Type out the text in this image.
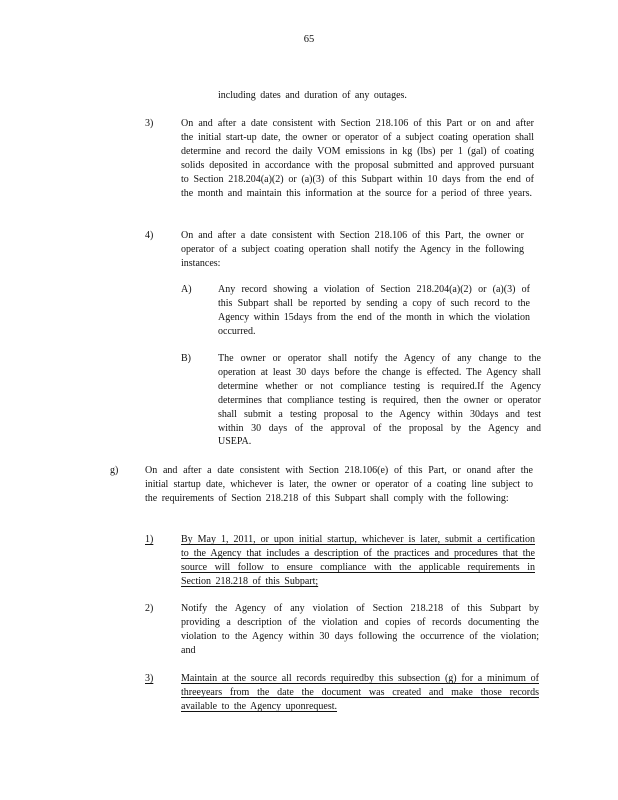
65
including dates and duration of any outages.
3)	On and after a date consistent with Section 218.106 of this Part or on and after the initial start-up date, the owner or operator of a subject coating operation shall determine and record the daily VOM emissions in kg (lbs) per 1 (gal) of coating solids deposited in accordance with the proposal submitted and approved pursuant to Section 218.204(a)(2) or (a)(3) of this Subpart within 10 days from the end of the month and maintain this information at the source for a period of three years.
4)	On and after a date consistent with Section 218.106 of this Part, the owner or operator of a subject coating operation shall notify the Agency in the following instances:
A)	Any record showing a violation of Section 218.204(a)(2) or (a)(3) of this Subpart shall be reported by sending a copy of such record to the Agency within 15days from the end of the month in which the violation occurred.
B)	The owner or operator shall notify the Agency of any change to the operation at least 30 days before the change is effected. The Agency shall determine whether or not compliance testing is required.If the Agency determines that compliance testing is required, then the owner or operator shall submit a testing proposal to the Agency within 30days and test within 30 days of the approval of the proposal by the Agency and USEPA.
g)	On and after a date consistent with Section 218.106(e) of this Part, or onand after the initial startup date, whichever is later, the owner or operator of a coating line subject to the requirements of Section 218.218 of this Subpart shall comply with the following:
1)	By May 1, 2011, or upon initial startup, whichever is later, submit a certification to the Agency that includes a description of the practices and procedures that the source will follow to ensure compliance with the applicable requirements in Section 218.218 of this Subpart;
2)	Notify the Agency of any violation of Section 218.218 of this Subpart by providing a description of the violation and copies of records documenting the violation to the Agency within 30 days following the occurrence of the violation; and
3)	Maintain at the source all records requiredby this subsection (g) for a minimum of threeyears from the date the document was created and make those records available to the Agency uponrequest.
